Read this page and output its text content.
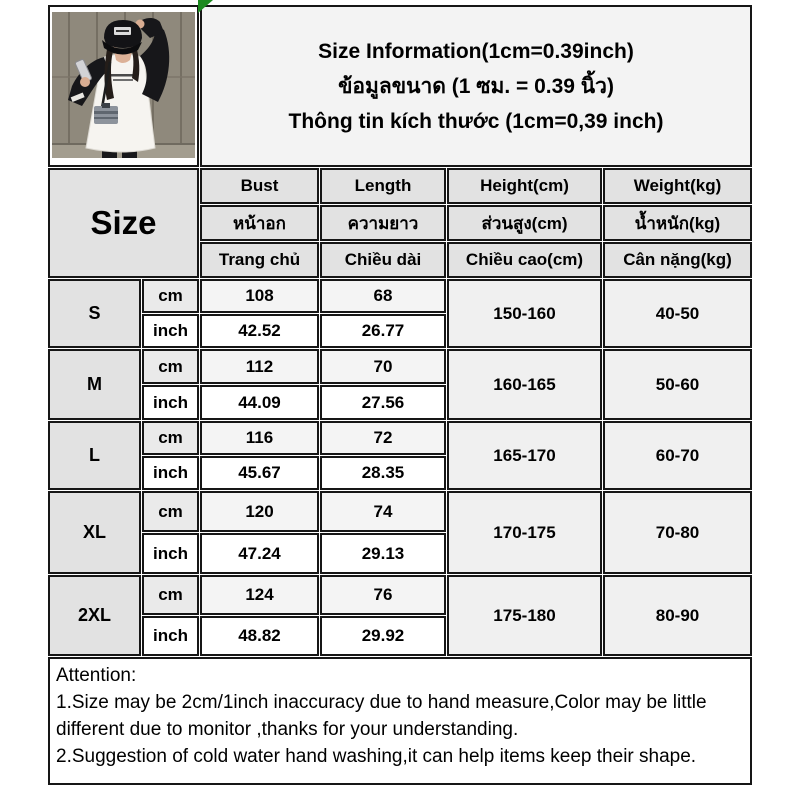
Size Information(1cm=0.39inch)
ข้อมูลขนาด (1 ซม. = 0.39 นิ้ว)
Thông tin kích thước (1cm=0,39 inch)			

Size		Bust	Length	Height(cm)	Weight(kg)
		หน้าอก	ความยาว	ส่วนสูง(cm)	น้ำหนัก(kg)
		Trang chủ	Chiều dài	Chiều cao(cm)	Cân nặng(kg)
S	cm	108	68	150-160	40-50
	inch	42.52	26.77		
M	cm	112	70	160-165	50-60
	inch	44.09	27.56		
L	cm	116	72	165-170	60-70
	inch	45.67	28.35		
XL	cm	120	74	170-175	70-80
	inch	47.24	29.13		
2XL	cm	124	76	175-180	80-90
	inch	48.82	29.92		

Attention:
1.Size may be 2cm/1inch inaccuracy due to hand measure,Color may be little different due to monitor ,thanks for your understanding.
2.Suggestion of cold water hand washing,it can help items keep their shape.					
